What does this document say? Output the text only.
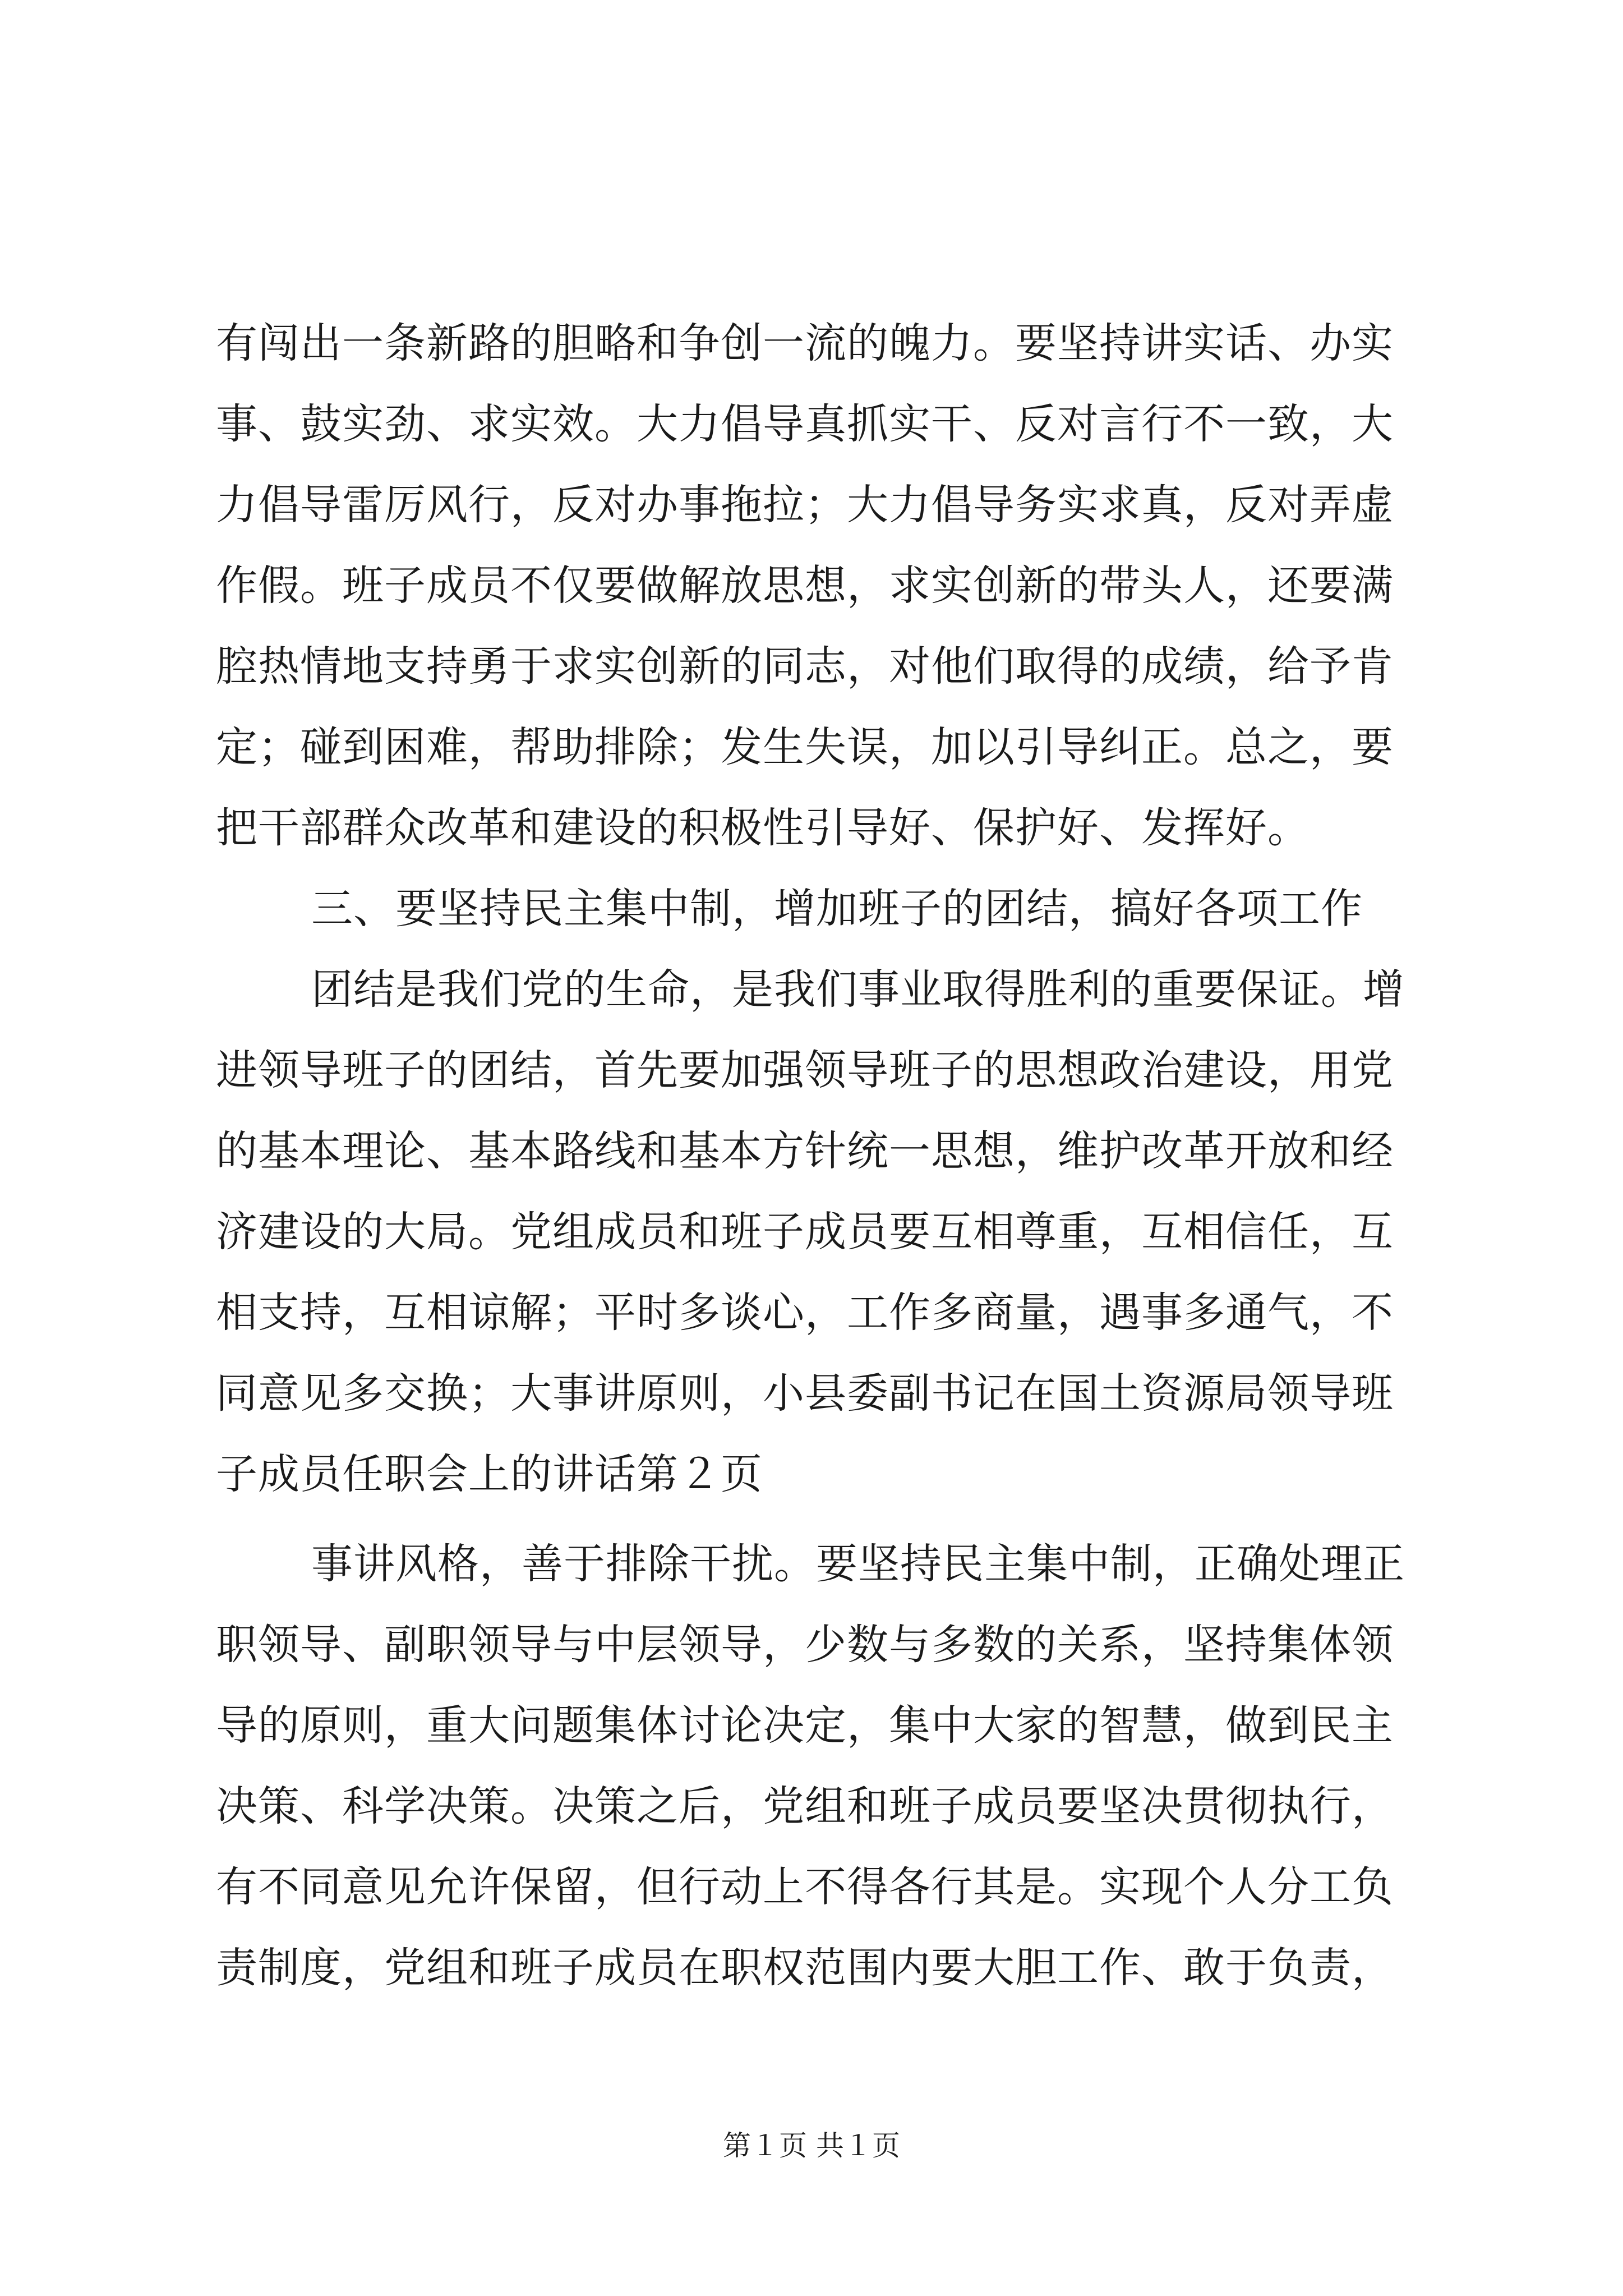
有闯出一条新路的胆略和争创一流的魄力。要坚持讲实话、办实
事、鼓实劲、求实效。大力倡导真抓实干、反对言行不一致，大
力倡导雷厉风行，反对办事拖拉；大力倡导务实求真，反对弄虚
作假。班子成员不仅要做解放思想，求实创新的带头人，还要满
腔热情地支持勇于求实创新的同志，对他们取得的成绩，给予肯
定；碰到困难，帮助排除；发生失误，加以引导纠正。总之，要
把干部群众改革和建设的积极性引导好、保护好、发挥好。
三、要坚持民主集中制，增加班子的团结，搞好各项工作
团结是我们党的生命，是我们事业取得胜利的重要保证。增
进领导班子的团结，首先要加强领导班子的思想政治建设，用党
的基本理论、基本路线和基本方针统一思想，维护改革开放和经
济建设的大局。党组成员和班子成员要互相尊重，互相信任，互
相支持，互相谅解；平时多谈心，工作多商量，遇事多通气，不
同意见多交换；大事讲原则，小县委副书记在国土资源局领导班
子成员任职会上的讲话第２页
事讲风格，善于排除干扰。要坚持民主集中制，正确处理正
职领导、副职领导与中层领导，少数与多数的关系，坚持集体领
导的原则，重大问题集体讨论决定，集中大家的智慧，做到民主
决策、科学决策。决策之后，党组和班子成员要坚决贯彻执行，
有不同意见允许保留，但行动上不得各行其是。实现个人分工负
责制度，党组和班子成员在职权范围内要大胆工作、敢于负责，
第１页 共１页
